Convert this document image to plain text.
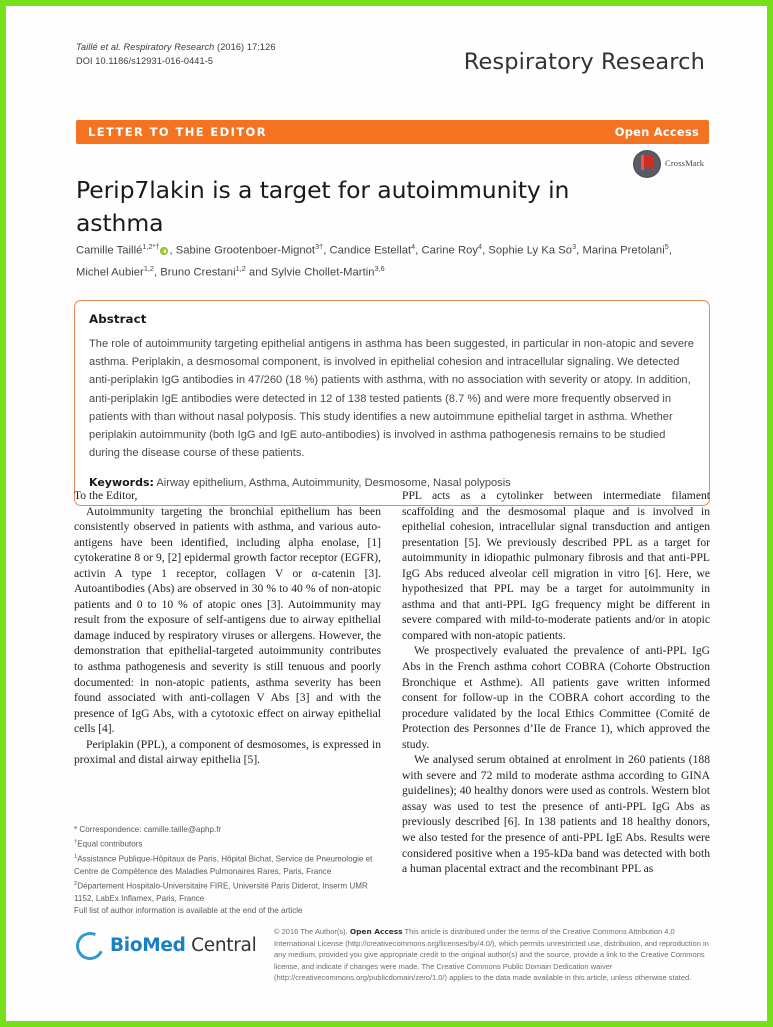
Taillé et al. Respiratory Research (2016) 17:126
DOI 10.1186/s12931-016-0441-5	Respiratory Research
LETTER TO THE EDITOR	Open Access
Perip7lakin is a target for autoimmunity in asthma
CrossMark
Camille Taillé$^{1,2*\dagger}$ , Sabine Grootenboer-Mignot$^{3\dagger}$, Candice Estellat$^4$, Carine Roy$^4$, Sophie Ly Ka So$^3$, Marina Pretolani$^5$, Michel Aubier$^{1,2}$, Bruno Crestani$^{1,2}$ and Sylvie Chollet-Martin$^{3,6}$
Abstract
The role of autoimmunity targeting epithelial antigens in asthma has been suggested, in particular in non-atopic and severe asthma. Periplakin, a desmosomal component, is involved in epithelial cohesion and intracellular signaling. We detected anti-periplakin IgG antibodies in 47/260 (18 %) patients with asthma, with no association with severity or atopy. In addition, anti-periplakin IgE antibodies were detected in 12 of 138 tested patients (8.7 %) and were more frequently observed in patients with than without nasal polyposis. This study identifies a new autoimmune epithelial target in asthma. Whether periplakin autoimmunity (both IgG and IgE auto-antibodies) is involved in asthma pathogenesis remains to be studied during the disease course of these patients.
Keywords: Airway epithelium, Asthma, Autoimmunity, Desmosome, Nasal polyposis

To the Editor,

Autoimmunity targeting the bronchial epithelium has been consistently observed in patients with asthma, and various auto-antigens have been identified, including alpha enolase, [1] cytokeratine 8 or 9, [2] epidermal growth factor receptor (EGFR), activin A type 1 receptor, collagen V or α-catenin [3]. Autoantibodies (Abs) are observed in 30 % to 40 % of non-atopic patients and 0 to 10 % of atopic ones [3]. Autoimmunity may result from the exposure of self-antigens due to airway epithelial damage induced by respiratory viruses or allergens. However, the demonstration that epithelial-targeted autoimmunity contributes to asthma pathogenesis and severity is still tenuous and poorly documented: in non-atopic patients, asthma severity has been found associated with anti-collagen V Abs [3] and with the presence of IgG Abs, with a cytotoxic effect on airway epithelial cells [4].

Periplakin (PPL), a component of desmosomes, is expressed in proximal and distal airway epithelia [5].

PPL acts as a cytolinker between intermediate filament scaffolding and the desmosomal plaque and is involved in epithelial cohesion, intracellular signal transduction and antigen presentation [5]. We previously described PPL as a target for autoimmunity in idiopathic pulmonary fibrosis and that anti-PPL IgG Abs reduced alveolar cell migration in vitro [6]. Here, we hypothesized that PPL may be a target for autoimmunity in asthma and that anti-PPL IgG frequency might be different in severe compared with mild-to-moderate patients and/or in atopic compared with non-atopic patients.

We prospectively evaluated the prevalence of anti-PPL IgG Abs in the French asthma cohort COBRA (Cohorte Obstruction Bronchique et Asthme). All patients gave written informed consent for follow-up in the COBRA cohort according to the procedure validated by the local Ethics Committee (Comité de Protection des Personnes d’Ile de France 1), which approved the study.

We analysed serum obtained at enrolment in 260 patients (188 with severe and 72 mild to moderate asthma according to GINA guidelines); 40 healthy donors were used as controls. Western blot assay was used to test the presence of anti-PPL IgG Abs as previously described [6]. In 138 patients and 18 healthy donors, we also tested for the presence of anti-PPL IgE Abs. Results were considered positive when a 195-kDa band was detected with both a human placental extract and the recombinant PPL as

* Correspondence: camille.taille@aphp.fr
†Equal contributors
$^1$Assistance Publique-Hôpitaux de Paris, Hôpital Bichat, Service de Pneumologie et Centre de Compétence des Maladies Pulmonaires Rares, Paris, France
$^2$Département Hospitalo-Universitaire FIRE, Université Paris Diderot, Inserm UMR 1152, LabEx Inflamex, Paris, France
Full list of author information is available at the end of the article
BioMed Central
© 2016 The Author(s). Open Access This article is distributed under the terms of the Creative Commons Attribution 4.0 International License (http://creativecommons.org/licenses/by/4.0/), which permits unrestricted use, distribution, and reproduction in any medium, provided you give appropriate credit to the original author(s) and the source, provide a link to the Creative Commons license, and indicate if changes were made. The Creative Commons Public Domain Dedication waiver (http://creativecommons.org/publicdomain/zero/1.0/) applies to the data made available in this article, unless otherwise stated.
